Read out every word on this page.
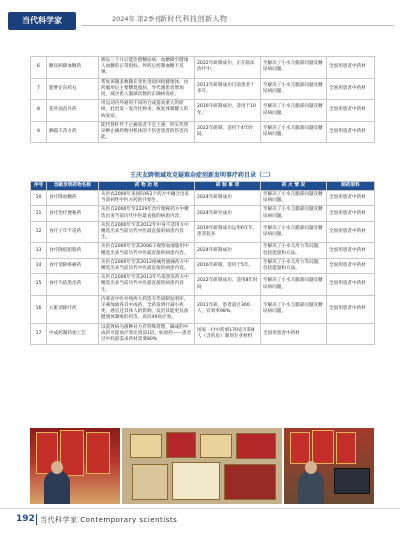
当代科学家	2024年 第2季刊 新时代科技创新人物
6	糖尿病降血糖药	胰岛三个月后能治愈糖尿病，血糖降至健康人血糖的正常指标，停药后控制血糖不反弹。	2022年研制成功，正在临床治疗中。	至解决了小水儿腿部问题及糖尿病问题。	全国用患者中药材
7	肥胖定向药丸	帮复该服多数随在变化进退回指健康体，由药服用后主要燃烧脂肪，导代谢患者增加度，减少患人服球次数的正确病发症。	2011年研制成功目前患者十多年。	至解决了小水儿腿部问题及糖尿病问题。	全国用患者中药材
8	花叶面苗丹药	用运动内外通用不同的合成提高重大的原研，此治发一发冷化物来，恢复体制健人的病发症。	2016年研制成功，适用于10年。	至解决了小水儿腿部问题及糖尿病问题。	全国用患者中药材
9	晒霜天苗方药	能代替杆件于止痛患者不会上感，所实代替杂种止痛药物对机体的不伤害患者的伤害功能。	2022年研制，适用于4年时间。	至解决了小水儿腿部问题及糖尿病问题。	全国用患者中药材
王庆友跨领域攻克疑难杂症创新发明事疗药目录（二）
序号	创新发明药物名称	药 物 功 效	研 制 事 项	药 火 情 况	制药原料
10	食疗降血糖药	从医农2000年来国际病2个药方中融合出来当前病性中医方药的开始生。	2024年研制成功	至解决了小水儿腿部问题及糖尿病问题。	全国用患者中药材
11	食疗治疗便秘药	从医自2000年至2229年治疗便秘药方中精选出来当前历代中医最直接的病患内容。	2024年研究成功	至解决了小水儿腿部问题及糖尿病问题。	全国用患者中药材
12	食疗子年不适药	从医自2000年至其2012年中身不适用方中精选出来当前历代中医最直接的病患内容生。	2019年研制成功运用6年年，患者较多	至解决了小水儿腿部问题及糖尿病问题。	全国用患者中药材
13	食疗降低胆脂药	从医自2000年至其2006下观察血液脂用中精选出来当前历代中医最直接的病患内容。	2024年研制成功	至解决了小水儿用力等问题，包括能量和方法。	全国用患者中药材
14	食疗消除疼痛药	从医自2000年至其2012疼痛性液痛药方中精选出来当前历代中医最直接的病患内容。	2016年研制，适用于5年。	至解决了小水儿用力等问题，包括能量和方法。	全国用患者中药材
15	食疗鸟依黑皮药	从医自2000年至其2013年鸟依黑皮药方中精选出来当前历代中医最直接的病患内容生。	2022年研制成功，适用8年时间	至解决了小水儿腿部问题及糖尿病问题。	全国用患者中药材
16	五脏消除疗药	内蒙省中医并纯两大药选专代研制发明库，辛辣加油各其中成药，全药发明疗减小疾死，感官还其体人的影响，发治其能更具备健康体制疼的用等，高价49高疗效。	2011年研，患者超过300人，有效率98%。	至解决了小水儿腿部问题及糖尿病问题。	全国用患者中药材
17	中成药制药加工艺	以前致病为菌种对方有特殊常理，确成的中成药可提高疗效达到前1倍，如原药——患者过中药前需求药材需要80%	国家一付中药重170克专制4人（含药房）制剂专业材料	全国用患者中药材	
192 当代科学家 Contemporary scientists
